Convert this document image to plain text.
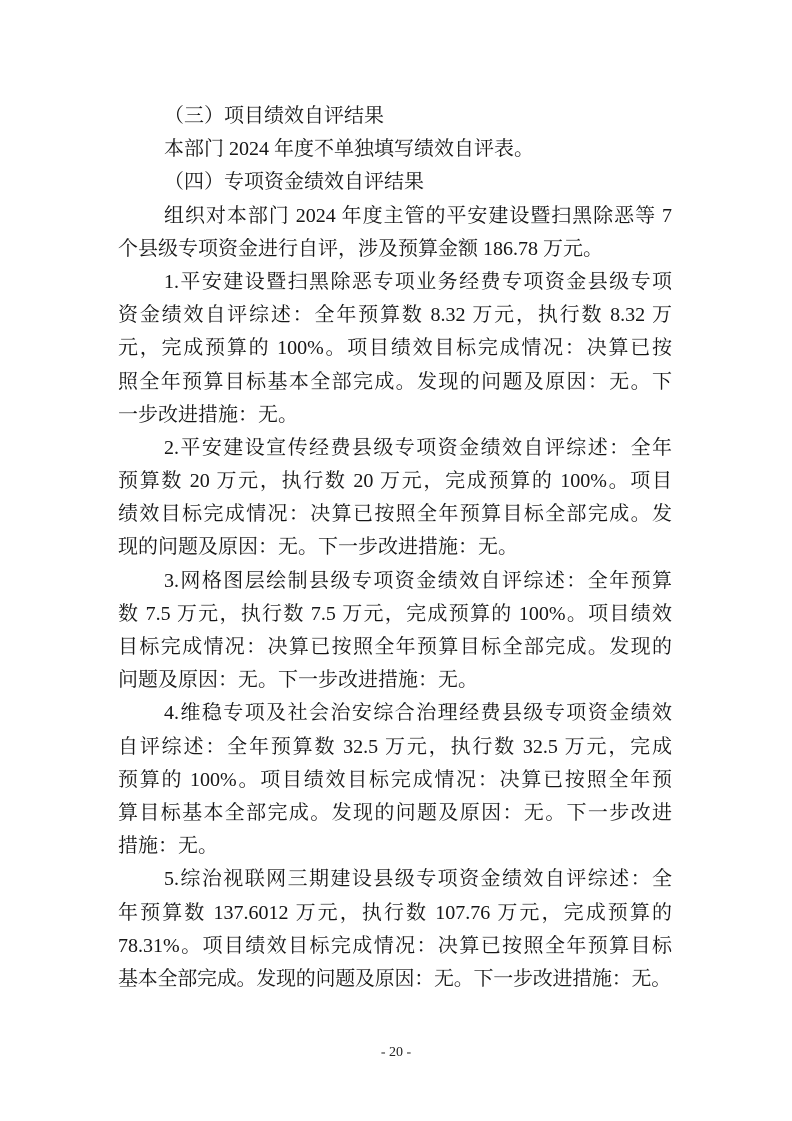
（三）项目绩效自评结果
本部门 2024 年度不单独填写绩效自评表。
（四）专项资金绩效自评结果
组织对本部门 2024 年度主管的平安建设暨扫黑除恶等 7
个县级专项资金进行自评，涉及预算金额 186.78 万元。
1.平安建设暨扫黑除恶专项业务经费专项资金县级专项
资金绩效自评综述：全年预算数 8.32 万元，执行数 8.32 万
元，完成预算的 100%。项目绩效目标完成情况：决算已按
照全年预算目标基本全部完成。发现的问题及原因：无。下
一步改进措施：无。
2.平安建设宣传经费县级专项资金绩效自评综述：全年
预算数 20 万元，执行数 20 万元，完成预算的 100%。项目
绩效目标完成情况：决算已按照全年预算目标全部完成。发
现的问题及原因：无。下一步改进措施：无。
3.网格图层绘制县级专项资金绩效自评综述：全年预算
数 7.5 万元，执行数 7.5 万元，完成预算的 100%。项目绩效
目标完成情况：决算已按照全年预算目标全部完成。发现的
问题及原因：无。下一步改进措施：无。
4.维稳专项及社会治安综合治理经费县级专项资金绩效
自评综述：全年预算数 32.5 万元，执行数 32.5 万元，完成
预算的 100%。项目绩效目标完成情况：决算已按照全年预
算目标基本全部完成。发现的问题及原因：无。下一步改进
措施：无。
5.综治视联网三期建设县级专项资金绩效自评综述：全
年预算数 137.6012 万元，执行数 107.76 万元，完成预算的
78.31%。项目绩效目标完成情况：决算已按照全年预算目标
基本全部完成。发现的问题及原因：无。下一步改进措施：无。
- 20 -
